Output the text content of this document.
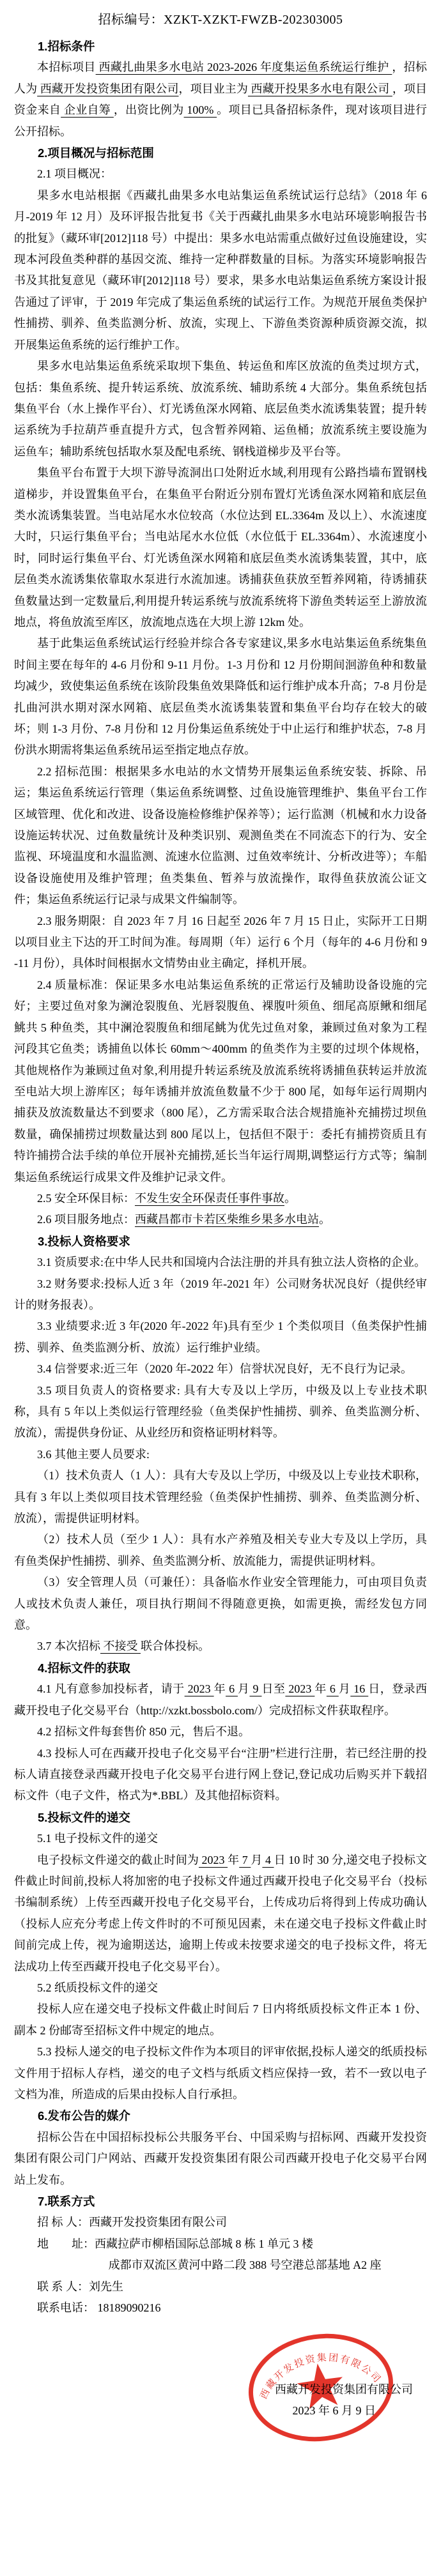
招标编号：XZKT-XZKT-FWZB-202303005
1.招标条件
本招标项目 西藏扎曲果多水电站 2023-2026 年度集运鱼系统运行维护 ，招标人为 西藏开发投资集团有限公司，项目业主为 西藏开投果多水电有限公司 ，项目资金来自 企业自筹 ，出资比例为 100% 。项目已具备招标条件，现对该项目进行公开招标。
2.项目概况与招标范围
2.1 项目概况：
果多水电站根据《西藏扎曲果多水电站集运鱼系统试运行总结》（2018 年 6 月-2019 年 12 月）及环评报告批复书《关于西藏扎曲果多水电站环境影响报告书的批复》（藏环审[2012]118 号）中提出：果多水电站需重点做好过鱼设施建设，实现本河段鱼类种群的基因交流、维持一定种群数量的目标。为落实环境影响报告书及其批复意见（藏环审[2012]118 号）要求，果多水电站集运鱼系统方案设计报告通过了评审，于 2019 年完成了集运鱼系统的试运行工作。为规范开展鱼类保护性捕捞、驯养、鱼类监测分析、放流，实现上、下游鱼类资源种质资源交流，拟开展集运鱼系统的运行维护工作。
果多水电站集运鱼系统采取坝下集鱼、转运鱼和库区放流的鱼类过坝方式，包括：集鱼系统、提升转运系统、放流系统、辅助系统 4 大部分。集鱼系统包括集鱼平台（水上操作平台）、灯光诱鱼深水网箱、底层鱼类水流诱集装置；提升转运系统为手拉葫芦垂直提升方式，包含暂养网箱、运鱼桶；放流系统主要设施为运鱼车；辅助系统包括取水泵及配电系统、钢栈道梯步及平台等。
集鱼平台布置于大坝下游导流洞出口处附近水域,利用现有公路挡墙布置钢栈道梯步，并设置集鱼平台，在集鱼平台附近分别布置灯光诱鱼深水网箱和底层鱼类水流诱集装置。当电站尾水水位较高（水位达到 EL.3364m 及以上）、水流速度大时，只运行集鱼平台；当电站尾水水位低（水位低于 EL.3364m）、水流速度小时，同时运行集鱼平台、灯光诱鱼深水网箱和底层鱼类水流诱集装置，其中，底层鱼类水流诱集依靠取水泵进行水流加速。诱捕获鱼获放至暂养网箱，待诱捕获鱼数量达到一定数量后,利用提升转运系统与放流系统将下游鱼类转运至上游放流地点，将鱼放流至库区，放流地点选在大坝上游 12km 处。
基于此集运鱼系统试运行经验并综合各专家建议,果多水电站集运鱼系统集鱼时间主要在每年的 4-6 月份和 9-11 月份。1-3 月份和 12 月份期间洄游鱼种和数量均减少，致使集运鱼系统在该阶段集鱼效果降低和运行维护成本升高；7-8 月份是扎曲河洪水期对深水网箱、底层鱼类水流诱集装置和集鱼平台均存在较大的破坏；则 1-3 月份、7-8 月份和 12 月份集运鱼系统处于中止运行和维护状态，7-8 月份洪水期需将集运鱼系统吊运至指定地点存放。
2.2 招标范围：根据果多水电站的水文情势开展集运鱼系统安装、拆除、吊运；集运鱼系统运行管理（集运鱼系统调整、过鱼设施管理维护、集鱼平台工作区域管理、优化和改进、设备设施检修维护保养等）；运行监测（机械和水力设备设施运转状况、过鱼数量统计及种类识别、观测鱼类在不同流态下的行为、安全监视、环境温度和水温监测、流速水位监测、过鱼效率统计、分析改进等）；车船设备设施使用及维护管理；鱼类集鱼、暂养与放流操作，取得鱼获放流公证文件；集运鱼系统运行记录与成果文件编制等。
2.3 服务期限：自 2023 年 7 月 16 日起至 2026 年 7 月 15 日止，实际开工日期以项目业主下达的开工时间为准。每周期（年）运行 6 个月（每年的 4-6 月份和 9-11 月份），具体时间根据水文情势由业主确定，择机开展。
2.4 质量标准：保证果多水电站集运鱼系统的正常运行及辅助设备设施的完好；主要过鱼对象为澜沧裂腹鱼、光唇裂腹鱼、裸腹叶须鱼、细尾高原鳅和细尾鮡共 5 种鱼类，其中澜沧裂腹鱼和细尾鮡为优先过鱼对象，兼顾过鱼对象为工程河段其它鱼类；诱捕鱼以体长 60mm～400mm 的鱼类作为主要的过坝个体规格，其他规格作为兼顾过鱼对象,利用提升转运系统及放流系统将诱捕鱼获转运并放流至电站大坝上游库区；每年诱捕并放流鱼数量不少于 800 尾，如每年运行周期内捕获及放流数量达不到要求（800 尾），乙方需采取合法合规措施补充捕捞过坝鱼数量，确保捕捞过坝数量达到 800 尾以上，包括但不限于：委托有捕捞资质且有特许捕捞合法手续的单位开展补充捕捞,延长当年运行周期,调整运行方式等；编制集运鱼系统运行成果文件及维护记录文件。
2.5 安全环保目标：不发生安全环保责任事件事故。
2.6 项目服务地点：西藏昌都市卡若区柴维乡果多水电站。
3.投标人资格要求
3.1 资质要求:在中华人民共和国境内合法注册的并具有独立法人资格的企业。
3.2 财务要求:投标人近 3 年（2019 年-2021 年）公司财务状况良好（提供经审计的财务报表）。
3.3 业绩要求:近 3 年(2020 年-2022 年)具有至少 1 个类似项目（鱼类保护性捕捞、驯养、鱼类监测分析、放流）运行维护业绩。
3.4 信誉要求:近三年（2020 年-2022 年）信誉状况良好，无不良行为记录。
3.5 项目负责人的资格要求: 具有大专及以上学历，中级及以上专业技术职称，具有 5 年以上类似运行管理经验（鱼类保护性捕捞、驯养、鱼类监测分析、放流），需提供身份证、从业经历和资格证明材料等。
3.6 其他主要人员要求:
（1）技术负责人（1 人）：具有大专及以上学历，中级及以上专业技术职称，具有 3 年以上类似项目技术管理经验（鱼类保护性捕捞、驯养、鱼类监测分析、放流），需提供证明材料。
（2）技术人员（至少 1 人）：具有水产养殖及相关专业大专及以上学历，具有鱼类保护性捕捞、驯养、鱼类监测分析、放流能力，需提供证明材料。
（3）安全管理人员（可兼任）：具备临水作业安全管理能力，可由项目负责人或技术负责人兼任，项目执行期间不得随意更换，如需更换，需经发包方同意。
3.7 本次招标 不接受 联合体投标。
4.招标文件的获取
4.1 凡有意参加投标者，请于 2023 年 6 月 9 日至 2023 年 6 月 16 日，登录西藏开投电子化交易平台（http://xzkt.bossbolo.com/）完成招标文件获取程序。
4.2 招标文件每套售价 850 元，售后不退。
4.3 投标人可在西藏开投电子化交易平台“注册”栏进行注册，若已经注册的投标人请直接登录西藏开投电子化交易平台进行网上登记,登记成功后购买并下载招标文件（电子文件，格式为*.BBL）及其他招标资料。
5.投标文件的递交
5.1 电子投标文件的递交
电子投标文件递交的截止时间为 2023 年 7 月 4 日 10 时 30 分,递交电子投标文件截止时间前,投标人将加密的电子投标文件通过西藏开投电子化交易平台（投标书编制系统）上传至西藏开投电子化交易平台，上传成功后将得到上传成功确认（投标人应充分考虑上传文件时的不可预见因素，未在递交电子投标文件截止时间前完成上传，视为逾期送达，逾期上传或未按要求递交的电子投标文件，将无法成功上传至西藏开投电子化交易平台）。
5.2 纸质投标文件的递交
投标人应在递交电子投标文件截止时间后 7 日内将纸质投标文件正本 1 份、副本 2 份邮寄至招标文件中规定的地点。
5.3 投标人递交的电子投标文件作为本项目的评审依据,投标人递交的纸质投标文件用于招标人存档，递交的电子文档与纸质文档应保持一致，若不一致以电子文档为准，所造成的后果由投标人自行承担。
6.发布公告的媒介
招标公告在中国招标投标公共服务平台、中国采购与招标网、西藏开发投资集团有限公司门户网站、西藏开发投资集团有限公司西藏开投电子化交易平台网站上发布。
7.联系方式
招 标 人：西藏开发投资集团有限公司
地　　址：西藏拉萨市柳梧国际总部城 8 栋 1 单元 3 楼
成都市双流区黄河中路二段 388 号空港总部基地 A2 座
联 系 人：刘先生
联系电话： 18189090216
西藏开发投资集团有限公司
西藏开发投资集团有限公司
2023 年 6 月 9 日
